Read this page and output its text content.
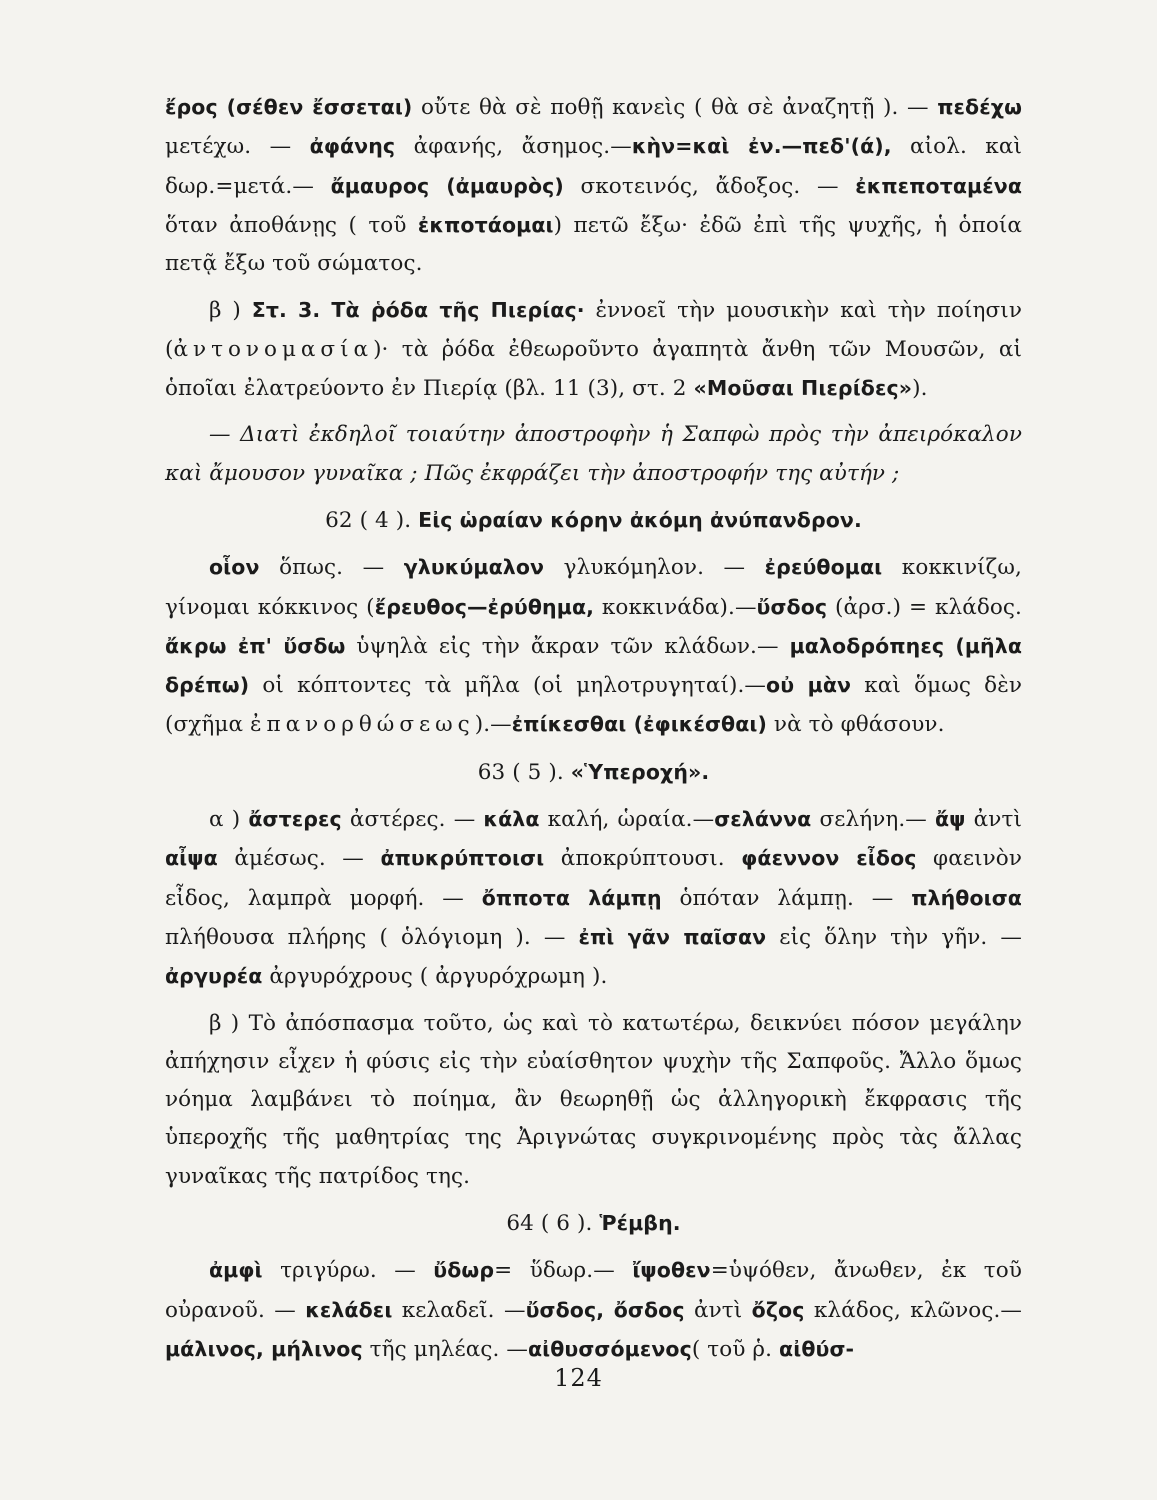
ἔρος (σέθεν ἔσσεται) οὔτε θὰ σὲ ποθῇ κανεὶς ( θὰ σὲ ἀναζητῇ ). — πεδέχω μετέχω. — ἀφάνης ἀφανής, ἄσημος.—κὴν=καὶ ἐν.—πεδ'(ά), αἰολ. καὶ δωρ.=μετά.— ἄμαυρος (ἀμαυρὸς) σκοτεινός, ἄδοξος. — ἐκπεποταμένα ὅταν ἀποθάνῃς ( τοῦ ἐκποτάομαι) πετῶ ἔξω· ἐδῶ ἐπὶ τῆς ψυχῆς, ἡ ὁποία πετᾷ ἔξω τοῦ σώματος.

β ) Στ. 3. Τὰ ῥόδα τῆς Πιερίας· ἐννοεῖ τὴν μουσικὴν καὶ τὴν ποίησιν (ἀντονομασία)· τὰ ῥόδα ἐθεωροῦντο ἀγαπητὰ ἄνθη τῶν Μουσῶν, αἱ ὁποῖαι ἐλατρεύοντο ἐν Πιερίᾳ (βλ. 11 (3), στ. 2 «Μοῦσαι Πιερίδες»).

— Διατὶ ἐκδηλοῖ τοιαύτην ἀποστροφὴν ἡ Σαπφὼ πρὸς τὴν ἀπειρόκαλον καὶ ἄμουσον γυναῖκα ; Πῶς ἐκφράζει τὴν ἀποστροφήν της αὐτήν ;

62 ( 4 ). Εἰς ὡραίαν κόρην ἀκόμη ἀνύπανδρον.

οἷον ὅπως. — γλυκύμαλον γλυκόμηλον. — ἐρεύθομαι κοκκινίζω, γίνομαι κόκκινος (ἔρευθος—ἐρύθημα, κοκκινάδα).—ὔσδος (ἀρσ.) = κλάδος. ἄκρω ἐπ' ὔσδω ὑψηλὰ εἰς τὴν ἄκραν τῶν κλάδων.— μαλοδρόπηες (μῆλα δρέπω) οἱ κόπτοντες τὰ μῆλα (οἱ μηλοτρυγηταί).—οὐ μὰν καὶ ὅμως δὲν (σχῆμα ἐπανορθώσεως).—ἐπίκεσθαι (ἐφικέσθαι) νὰ τὸ φθάσουν.

63 ( 5 ). «Ὑπεροχή».

α ) ἄστερες ἀστέρες. — κάλα καλή, ὡραία.—σελάννα σελήνη.— ἄψ ἀντὶ αἶψα ἀμέσως. — ἀπυκρύπτοισι ἀποκρύπτουσι. φάεννον εἶδος φαεινὸν εἶδος, λαμπρὰ μορφή. — ὄπποτα λάμπῃ ὁπόταν λάμπῃ. — πλήθοισα πλήθουσα πλήρης ( ὁλόγιομη ). — ἐπὶ γᾶν παῖσαν εἰς ὅλην τὴν γῆν. — ἀργυρέα ἀργυρόχρους ( ἀργυρόχρωμη ).

β ) Τὸ ἀπόσπασμα τοῦτο, ὡς καὶ τὸ κατωτέρω, δεικνύει πόσον μεγάλην ἀπήχησιν εἶχεν ἡ φύσις εἰς τὴν εὐαίσθητον ψυχὴν τῆς Σαπφοῦς. Ἄλλο ὅμως νόημα λαμβάνει τὸ ποίημα, ἂν θεωρηθῇ ὡς ἀλληγορικὴ ἔκφρασις τῆς ὑπεροχῆς τῆς μαθητρίας της Ἀριγνώτας συγκρινομένης πρὸς τὰς ἄλλας γυναῖκας τῆς πατρίδος της.

64 ( 6 ). Ῥέμβη.

ἀμφὶ τριγύρω. — ὔδωρ= ὕδωρ.— ἴψοθεν=ὑψόθεν, ἄνωθεν, ἐκ τοῦ οὐρανοῦ. — κελάδει κελαδεῖ. —ὔσδος, ὄσδος ἀντὶ ὄζος κλάδος, κλῶνος.—μάλινος, μήλινος τῆς μηλέας. —αἰθυσσόμενος( τοῦ ῥ. αἰθύσ-

124
